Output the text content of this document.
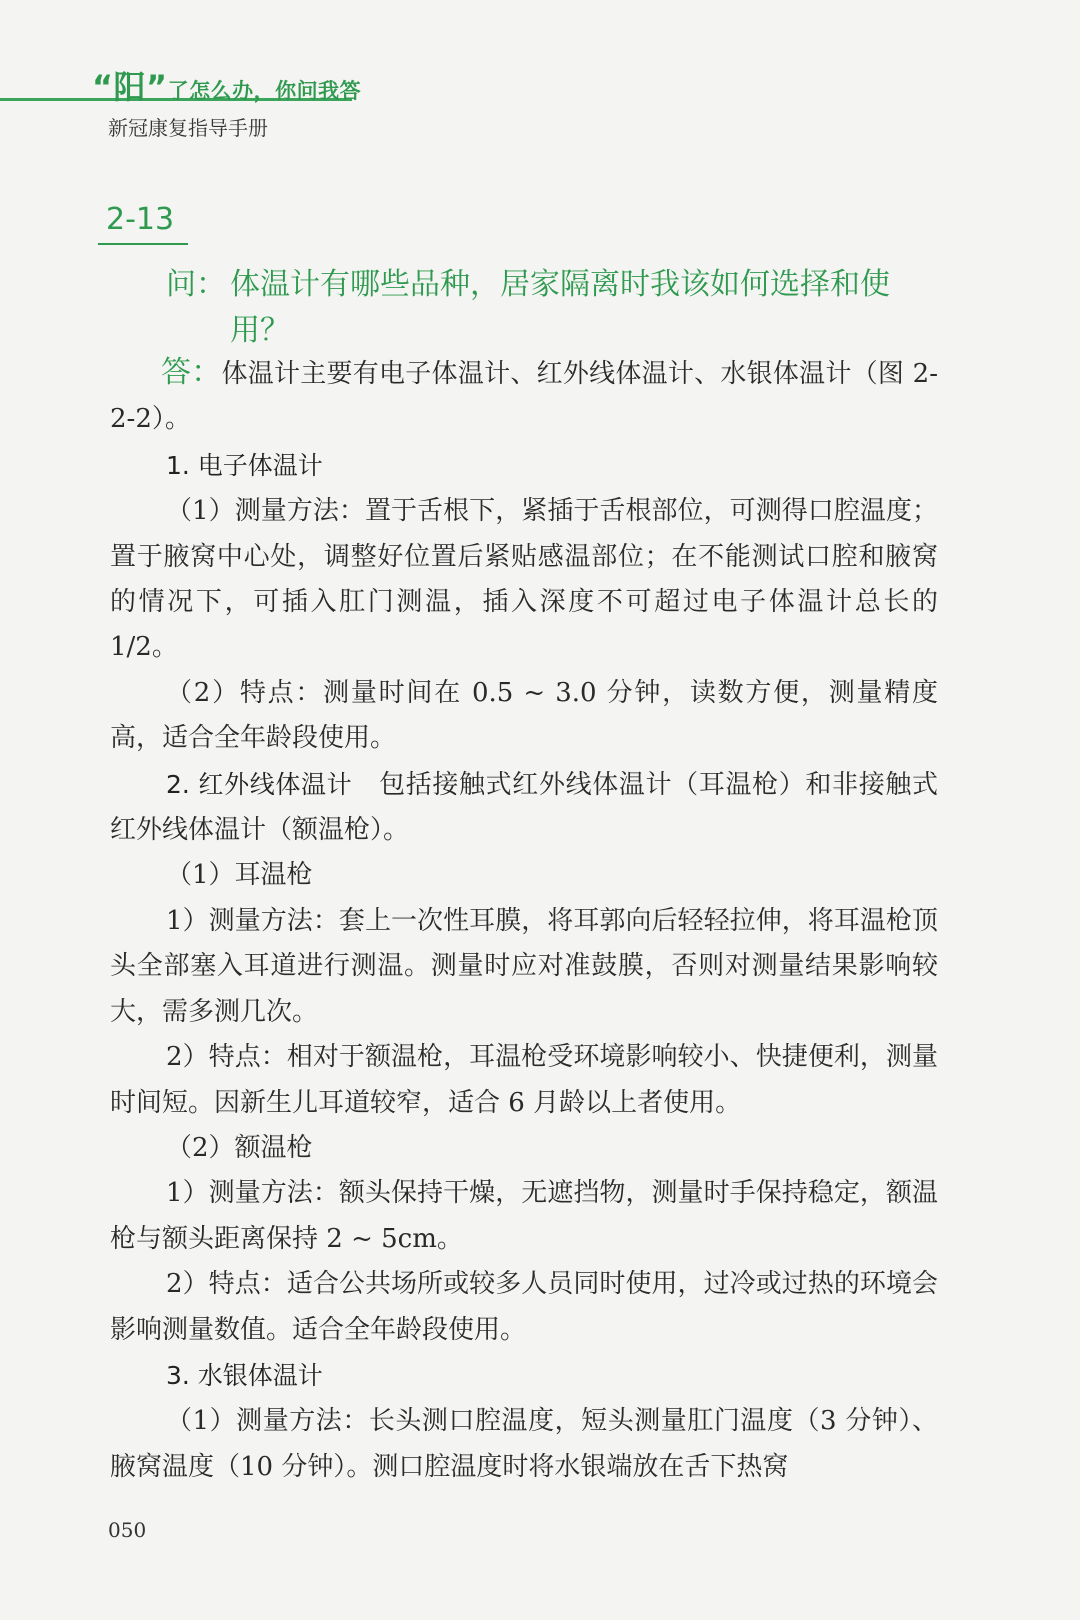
“阳”了怎么办，你问我答
新冠康复指导手册
2-13
问： 体温计有哪些品种，居家隔离时我该如何选择和使用？

答：体温计主要有电子体温计、红外线体温计、水银体温计（图 2-2-2）。

1. 电子体温计

（1）测量方法：置于舌根下，紧插于舌根部位，可测得口腔温度；置于腋窝中心处，调整好位置后紧贴感温部位；在不能测试口腔和腋窝的情况下，可插入肛门测温，插入深度不可超过电子体温计总长的 1/2。

（2）特点：测量时间在 0.5 ~ 3.0 分钟，读数方便，测量精度高，适合全年龄段使用。

2. 红外线体温计 包括接触式红外线体温计（耳温枪）和非接触式红外线体温计（额温枪）。

（1）耳温枪

1）测量方法：套上一次性耳膜，将耳郭向后轻轻拉伸，将耳温枪顶头全部塞入耳道进行测温。测量时应对准鼓膜，否则对测量结果影响较大，需多测几次。

2）特点：相对于额温枪，耳温枪受环境影响较小、快捷便利，测量时间短。因新生儿耳道较窄，适合 6 月龄以上者使用。

（2）额温枪

1）测量方法：额头保持干燥，无遮挡物，测量时手保持稳定，额温枪与额头距离保持 2 ~ 5cm。

2）特点：适合公共场所或较多人员同时使用，过冷或过热的环境会影响测量数值。适合全年龄段使用。

3. 水银体温计

（1）测量方法：长头测口腔温度，短头测量肛门温度（3 分钟）、腋窝温度（10 分钟）。测口腔温度时将水银端放在舌下热窝

050
